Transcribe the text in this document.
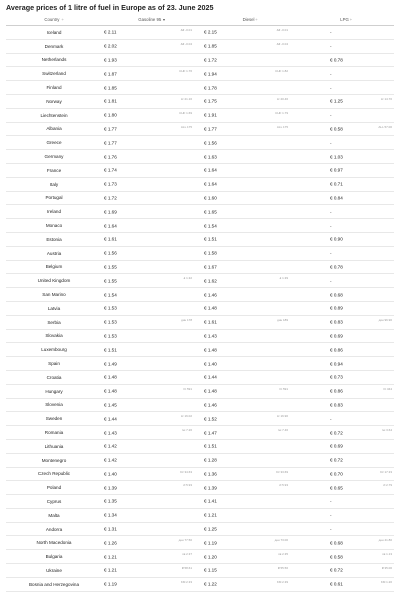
Average prices of 1 litre of fuel in Europe as of 23. June 2025
Country ÷	Gasoline 95 ▼	Diesel ÷	LPG ÷
Iceland	€ 2.11	Δ€ -0.01	€ 2.15	Δ€ -0.01	-
Denmark	€ 2.02	Δ€ -0.04	€ 1.85	Δ€ -0.04	-
Netherlands	€ 1.93	€ 1.72	€ 0.78
Switzerland	€ 1.87	CHF 1.76	€ 1.94	CHF 1.82	-
Finland	€ 1.85	€ 1.78	-
Norway	€ 1.81	kr 21.16	€ 1.75	kr 20.46	€ 1.25	kr 14.70
Liechtenstein	€ 1.80	CHF 1.69	€ 1.91	CHF 1.79	-
Albania	€ 1.77	ALL 175	€ 1.77	ALL 175	€ 0.58	ALL 57.00
Greece	€ 1.77	€ 1.56	-
Germany	€ 1.76	€ 1.63	€ 1.03
France	€ 1.74	€ 1.64	€ 0.97
Italy	€ 1.73	€ 1.64	€ 0.71
Portugal	€ 1.72	€ 1.60	€ 0.84
Ireland	€ 1.69	€ 1.65	-
Monaco	€ 1.64	€ 1.54	-
Estonia	€ 1.61	€ 1.51	€ 0.90
Austria	€ 1.56	€ 1.58	-
Belgium	€ 1.55	€ 1.67	€ 0.78
United Kingdom	€ 1.55	£ 1.32	€ 1.62	£ 1.39	-
San Marino	€ 1.54	€ 1.46	€ 0.68
Latvia	€ 1.53	€ 1.48	€ 0.89
Serbia	€ 1.53	дин 178	€ 1.61	дин 189	€ 0.83	дин 96.90
Slovakia	€ 1.53	€ 1.43	€ 0.69
Luxembourg	€ 1.51	€ 1.48	€ 0.86
Spain	€ 1.49	€ 1.40	€ 0.94
Croatia	€ 1.48	€ 1.44	€ 0.73
Hungary	€ 1.48	Ft 591	€ 1.48	Ft 591	€ 0.86	Ft 344
Slovenia	€ 1.45	€ 1.46	€ 0.83
Sweden	€ 1.44	kr 16.02	€ 1.52	kr 16.90	-
Romania	€ 1.43	lei 7.26	€ 1.47	lei 7.46	€ 0.72	lei 3.64
Lithuania	€ 1.42	€ 1.51	€ 0.69
Montenegro	€ 1.42	€ 1.28	€ 0.72
Czech Republic	€ 1.40	Kč 34.63	€ 1.36	Kč 33.69	€ 0.70	Kč 17.33
Poland	€ 1.39	zł 5.93	€ 1.39	zł 5.93	€ 0.65	zł 2.79
Cyprus	€ 1.35	€ 1.41	-
Malta	€ 1.34	€ 1.21	-
Andorra	€ 1.31	€ 1.25	-
North Macedonia	€ 1.26	ден 77.50	€ 1.19	ден 73.00	€ 0.68	ден 41.80
Bulgaria	€ 1.21	лв 2.37	€ 1.20	лв 2.35	€ 0.58	лв 1.13
Ukraine	€ 1.21	₴ 58.61	€ 1.15	₴ 55.56	€ 0.72	₴ 35.00
Bosnia and Herzegovina	€ 1.19	KM 2.33	€ 1.22	KM 2.39	€ 0.61	KM 1.20
